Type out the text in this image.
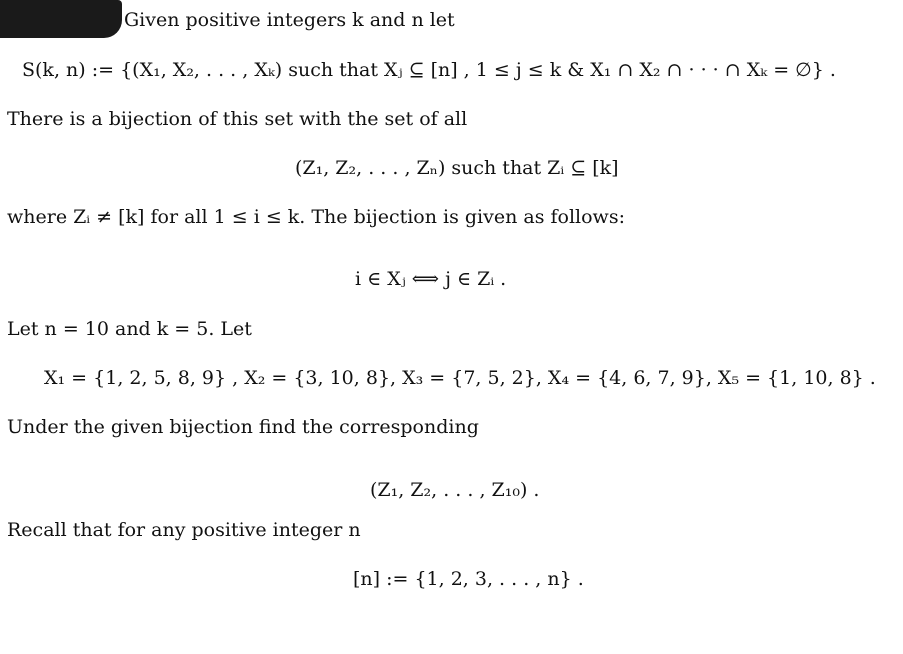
Given positive integers k and n let
S(k, n) := {(X₁, X₂, . . . , Xₖ) such that Xⱼ ⊆ [n] , 1 ≤ j ≤ k & X₁ ∩ X₂ ∩ · · · ∩ Xₖ = ∅} .
There is a bijection of this set with the set of all
(Z₁, Z₂, . . . , Zₙ) such that Zᵢ ⊆ [k]
where Zᵢ ≠ [k] for all 1 ≤ i ≤ k. The bijection is given as follows:
i ∈ Xⱼ ⟺ j ∈ Zᵢ .
Let n = 10 and k = 5. Let
X₁ = {1, 2, 5, 8, 9} , X₂ = {3, 10, 8}, X₃ = {7, 5, 2}, X₄ = {4, 6, 7, 9}, X₅ = {1, 10, 8} .
Under the given bijection find the corresponding
(Z₁, Z₂, . . . , Z₁₀) .
Recall that for any positive integer n
[n] := {1, 2, 3, . . . , n} .
